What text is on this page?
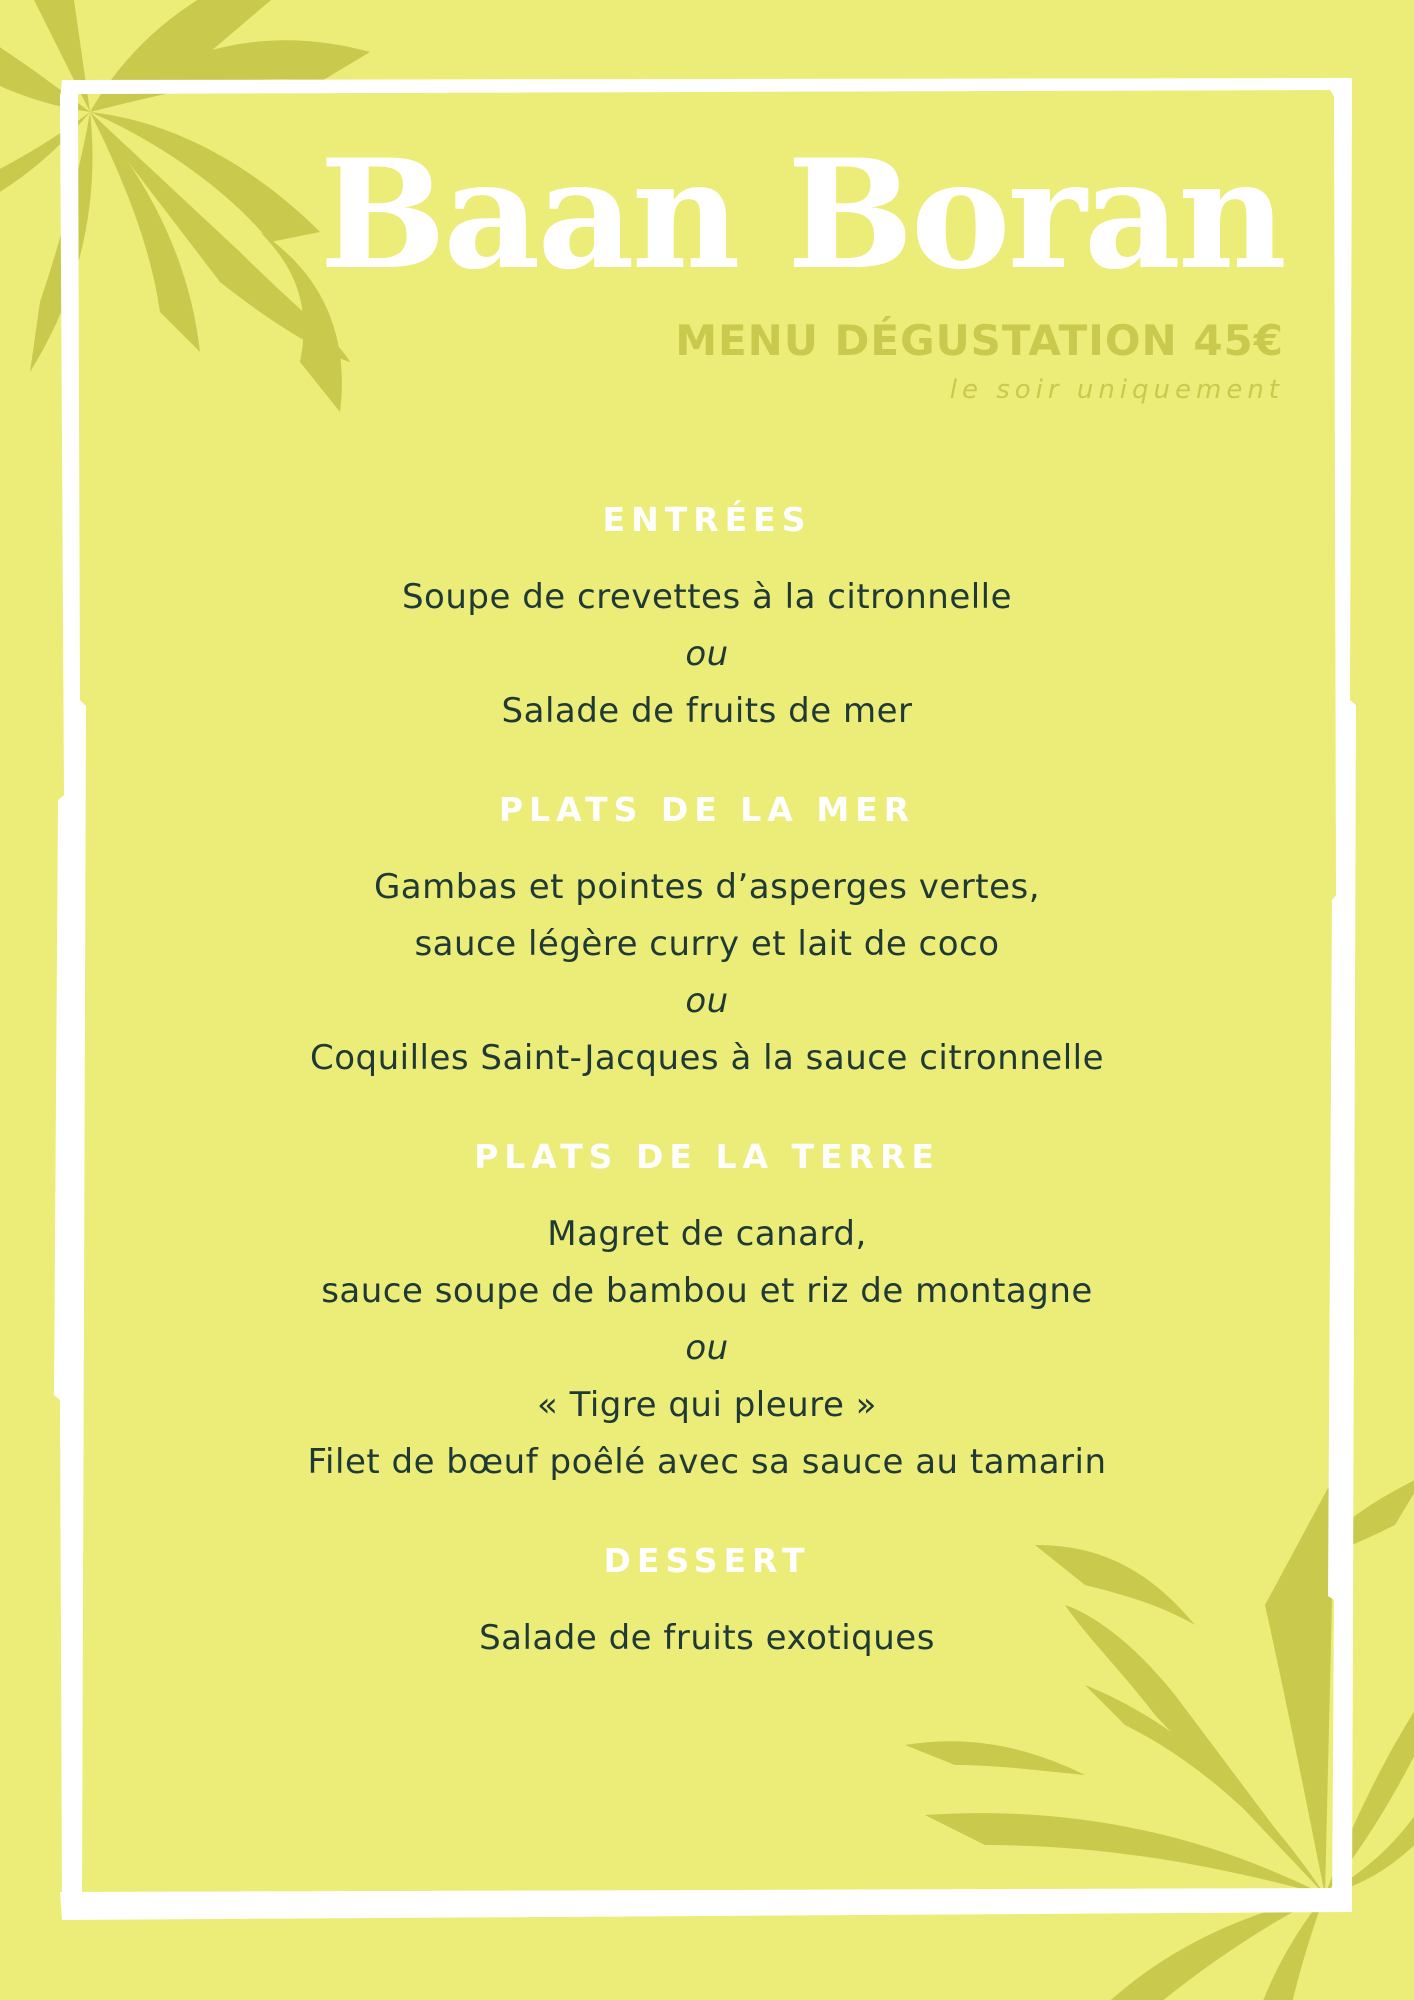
Baan Boran
MENU DÉGUSTATION 45€
le soir uniquement
ENTRÉES
Soupe de crevettes à la citronnelle
ou
Salade de fruits de mer
PLATS DE LA MER
Gambas et pointes d’asperges vertes,
sauce légère curry et lait de coco
ou
Coquilles Saint-Jacques à la sauce citronnelle
PLATS DE LA TERRE
Magret de canard,
sauce soupe de bambou et riz de montagne
ou
« Tigre qui pleure »
Filet de bœuf poêlé avec sa sauce au tamarin
DESSERT
Salade de fruits exotiques
